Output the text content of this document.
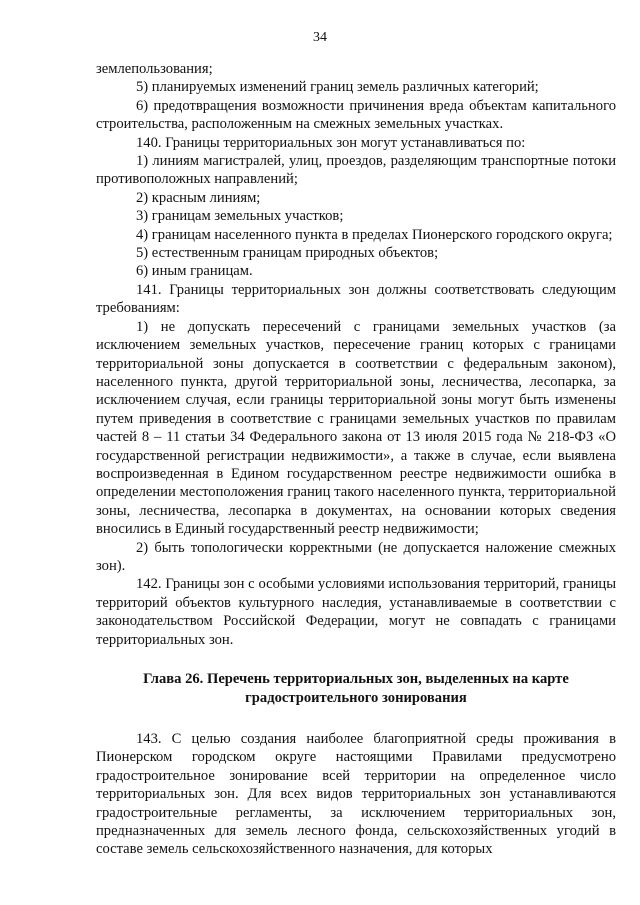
34

землепользования;

5) планируемых изменений границ земель различных категорий;

6) предотвращения возможности причинения вреда объектам капитального строительства, расположенным на смежных земельных участках.

140. Границы территориальных зон могут устанавливаться по:

1) линиям магистралей, улиц, проездов, разделяющим транспортные потоки противоположных направлений;

2) красным линиям;

3) границам земельных участков;

4) границам населенного пункта в пределах Пионерского городского округа;

5) естественным границам природных объектов;

6) иным границам.

141. Границы территориальных зон должны соответствовать следующим требованиям:

1) не допускать пересечений с границами земельных участков (за исключением земельных участков, пересечение границ которых с границами территориальной зоны допускается в соответствии с федеральным законом), населенного пункта, другой территориальной зоны, лесничества, лесопарка, за исключением случая, если границы территориальной зоны могут быть изменены путем приведения в соответствие с границами земельных участков по правилам частей 8 – 11 статьи 34 Федерального закона от 13 июля 2015 года № 218-ФЗ «О государственной регистрации недвижимости», а также в случае, если выявлена воспроизведенная в Едином государственном реестре недвижимости ошибка в определении местоположения границ такого населенного пункта, территориальной зоны, лесничества, лесопарка в документах, на основании которых сведения вносились в Единый государственный реестр недвижимости;

2) быть топологически корректными (не допускается наложение смежных зон).

142. Границы зон с особыми условиями использования территорий, границы территорий объектов культурного наследия, устанавливаемые в соответствии с законодательством Российской Федерации, могут не совпадать с границами территориальных зон.

Глава 26. Перечень территориальных зон, выделенных на карте градостроительного зонирования

143. С целью создания наиболее благоприятной среды проживания в Пионерском городском округе настоящими Правилами предусмотрено градостроительное зонирование всей территории на определенное число территориальных зон. Для всех видов территориальных зон устанавливаются градостроительные регламенты, за исключением территориальных зон, предназначенных для земель лесного фонда, сельскохозяйственных угодий в составе земель сельскохозяйственного назначения, для которых
